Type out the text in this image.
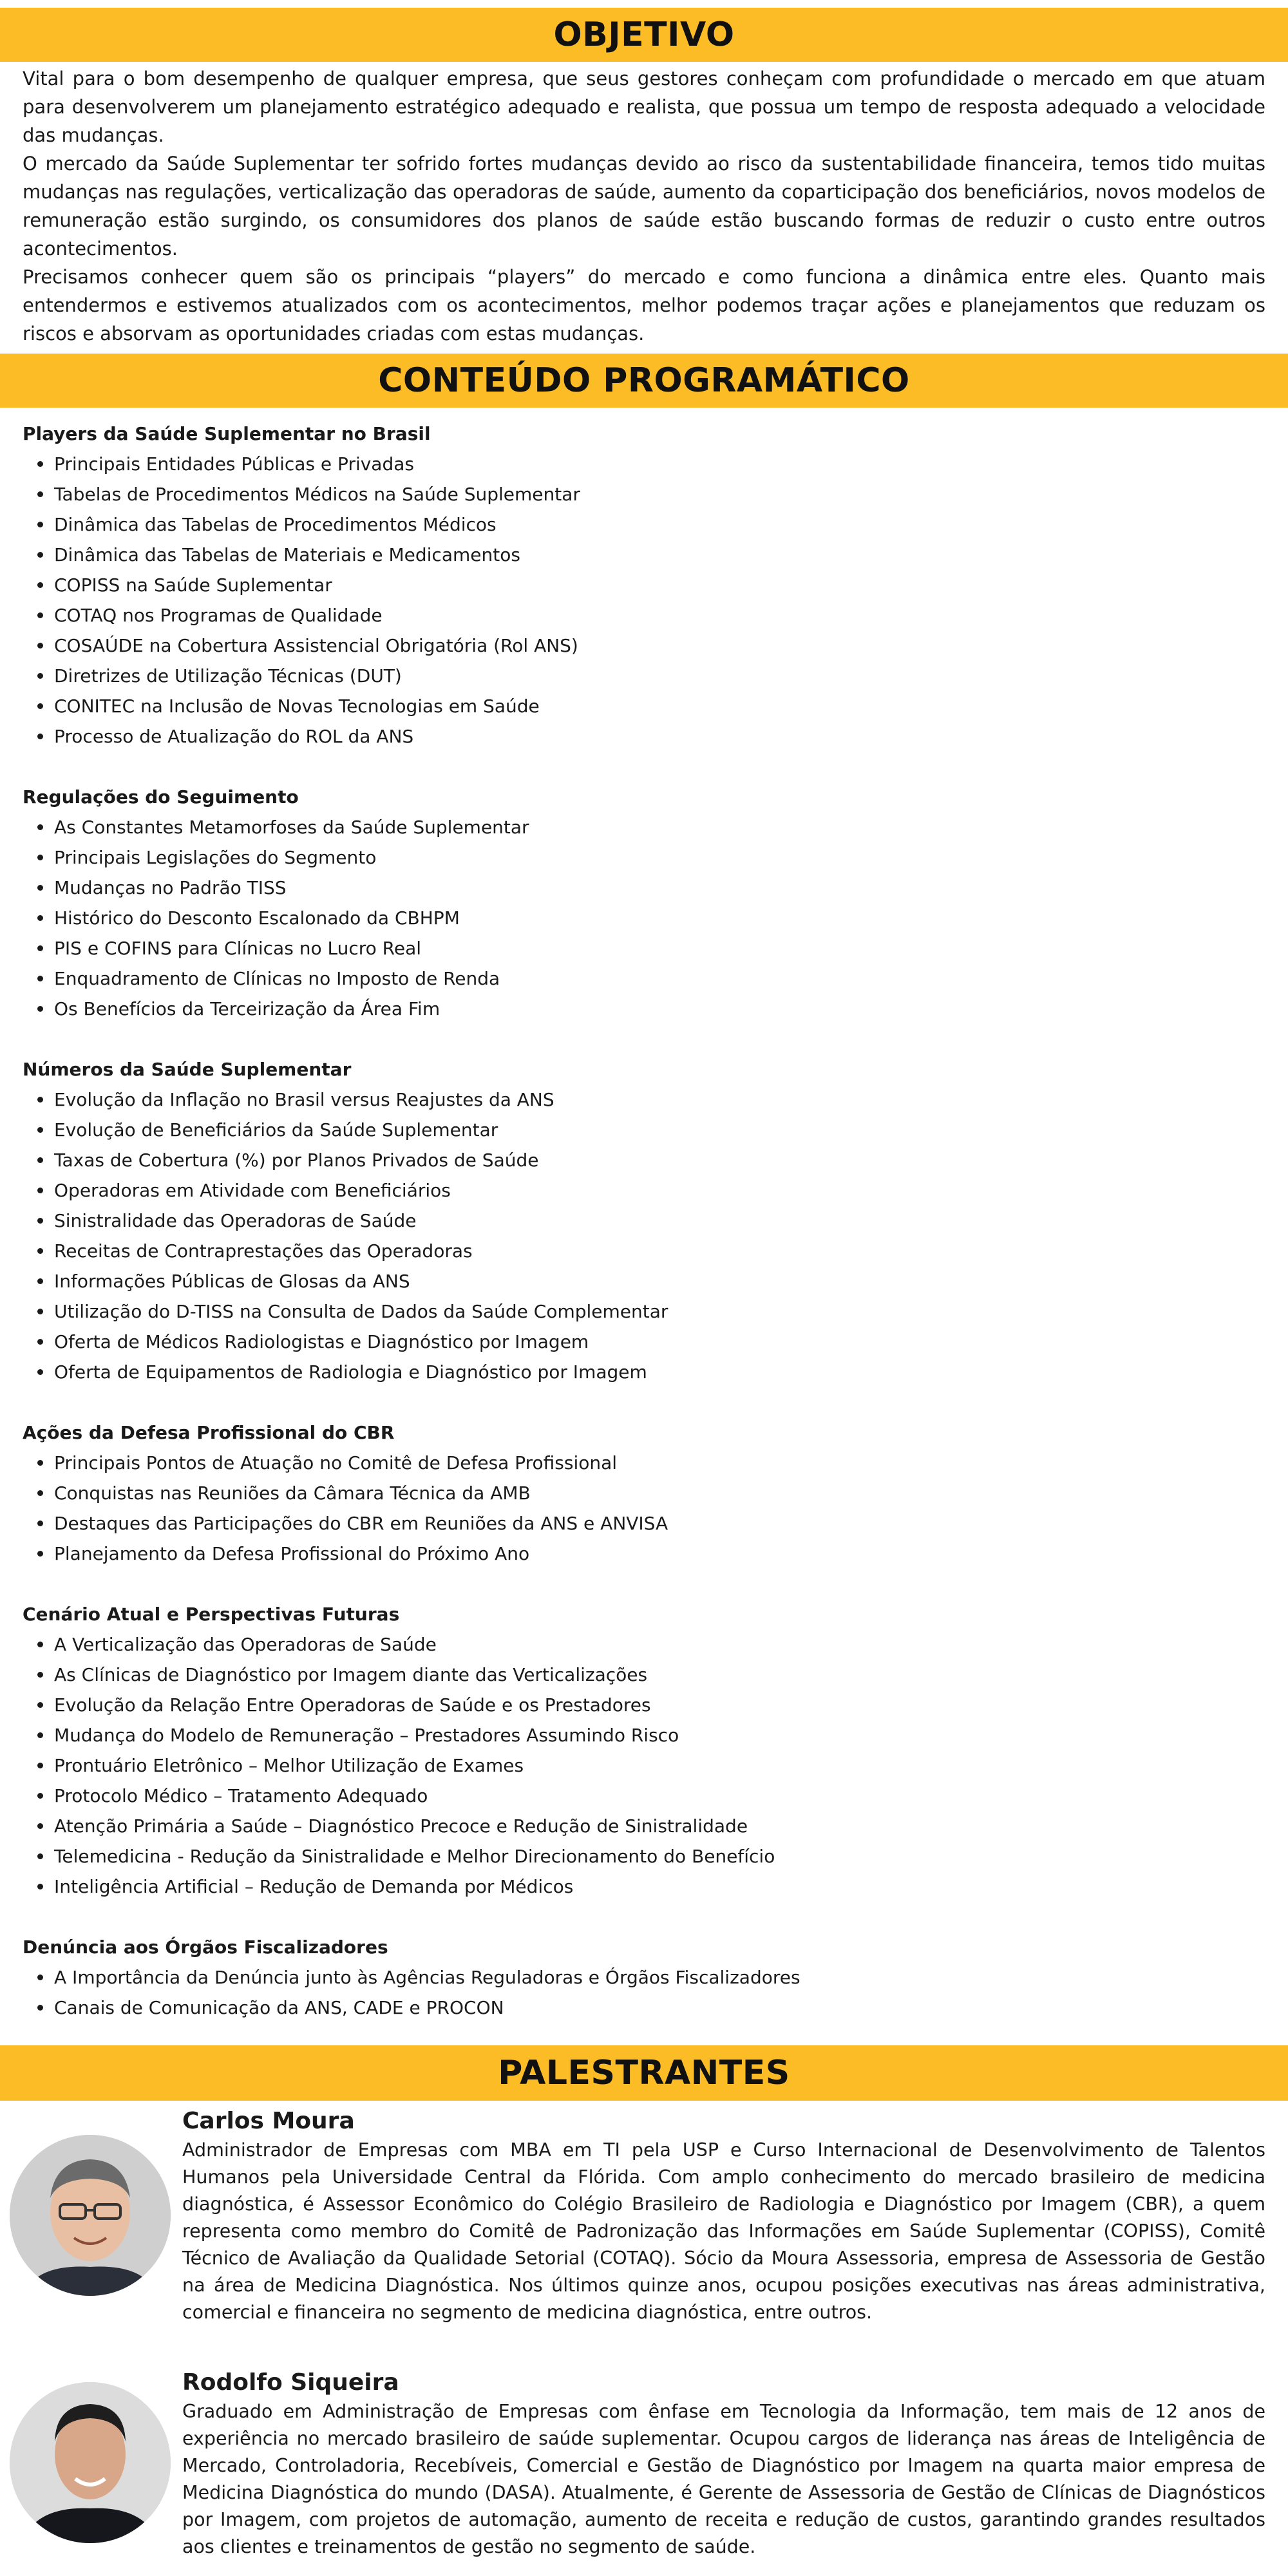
OBJETIVO

Vital para o bom desempenho de qualquer empresa, que seus gestores conheçam com profundidade o mercado em que atuam para desenvolverem um planejamento estratégico adequado e realista, que possua um tempo de resposta adequado a velocidade das mudanças.

O mercado da Saúde Suplementar ter sofrido fortes mudanças devido ao risco da sustentabilidade financeira, temos tido muitas mudanças nas regulações, verticalização das operadoras de saúde, aumento da coparticipação dos beneficiários, novos modelos de remuneração estão surgindo, os consumidores dos planos de saúde estão buscando formas de reduzir o custo entre outros acontecimentos.

Precisamos conhecer quem são os principais “players” do mercado e como funciona a dinâmica entre eles. Quanto mais entendermos e estivemos atualizados com os acontecimentos, melhor podemos traçar ações e planejamentos que reduzam os riscos e absorvam as oportunidades criadas com estas mudanças.

CONTEÚDO PROGRAMÁTICO

Players da Saúde Suplementar no Brasil

Principais Entidades Públicas e Privadas
Tabelas de Procedimentos Médicos na Saúde Suplementar
Dinâmica das Tabelas de Procedimentos Médicos
Dinâmica das Tabelas de Materiais e Medicamentos
COPISS na Saúde Suplementar
COTAQ nos Programas de Qualidade
COSAÚDE na Cobertura Assistencial Obrigatória (Rol ANS)
Diretrizes de Utilização Técnicas (DUT)
CONITEC na Inclusão de Novas Tecnologias em Saúde
Processo de Atualização do ROL da ANS

Regulações do Seguimento

As Constantes Metamorfoses da Saúde Suplementar
Principais Legislações do Segmento
Mudanças no Padrão TISS
Histórico do Desconto Escalonado da CBHPM
PIS e COFINS para Clínicas no Lucro Real
Enquadramento de Clínicas no Imposto de Renda
Os Benefícios da Terceirização da Área Fim

Números da Saúde Suplementar

Evolução da Inflação no Brasil versus Reajustes da ANS
Evolução de Beneficiários da Saúde Suplementar
Taxas de Cobertura (%) por Planos Privados de Saúde
Operadoras em Atividade com Beneficiários
Sinistralidade das Operadoras de Saúde
Receitas de Contraprestações das Operadoras
Informações Públicas de Glosas da ANS
Utilização do D-TISS na Consulta de Dados da Saúde Complementar
Oferta de Médicos Radiologistas e Diagnóstico por Imagem
Oferta de Equipamentos de Radiologia e Diagnóstico por Imagem

Ações da Defesa Profissional do CBR

Principais Pontos de Atuação no Comitê de Defesa Profissional
Conquistas nas Reuniões da Câmara Técnica da AMB
Destaques das Participações do CBR em Reuniões da ANS e ANVISA
Planejamento da Defesa Profissional do Próximo Ano

Cenário Atual e Perspectivas Futuras

A Verticalização das Operadoras de Saúde
As Clínicas de Diagnóstico por Imagem diante das Verticalizações
Evolução da Relação Entre Operadoras de Saúde e os Prestadores
Mudança do Modelo de Remuneração – Prestadores Assumindo Risco
Prontuário Eletrônico – Melhor Utilização de Exames
Protocolo Médico – Tratamento Adequado
Atenção Primária a Saúde – Diagnóstico Precoce e Redução de Sinistralidade
Telemedicina - Redução da Sinistralidade e Melhor Direcionamento do Benefício
Inteligência Artificial – Redução de Demanda por Médicos

Denúncia aos Órgãos Fiscalizadores

A Importância da Denúncia junto às Agências Reguladoras e Órgãos Fiscalizadores
Canais de Comunicação da ANS, CADE e PROCON
PALESTRANTES

Carlos Moura

Administrador de Empresas com MBA em TI pela USP e Curso Internacional de Desenvolvimento de Talentos Humanos pela Universidade Central da Flórida. Com amplo conhecimento do mercado brasileiro de medicina diagnóstica, é Assessor Econômico do Colégio Brasileiro de Radiologia e Diagnóstico por Imagem (CBR), a quem representa como membro do Comitê de Padronização das Informações em Saúde Suplementar (COPISS), Comitê Técnico de Avaliação da Qualidade Setorial (COTAQ). Sócio da Moura Assessoria, empresa de Assessoria de Gestão na área de Medicina Diagnóstica. Nos últimos quinze anos, ocupou posições executivas nas áreas administrativa, comercial e financeira no segmento de medicina diagnóstica, entre outros.

Rodolfo Siqueira

Graduado em Administração de Empresas com ênfase em Tecnologia da Informação, tem mais de 12 anos de experiência no mercado brasileiro de saúde suplementar. Ocupou cargos de liderança nas áreas de Inteligência de Mercado, Controladoria, Recebíveis, Comercial e Gestão de Diagnóstico por Imagem na quarta maior empresa de Medicina Diagnóstica do mundo (DASA). Atualmente, é Gerente de Assessoria de Gestão de Clínicas de Diagnósticos por Imagem, com projetos de automação, aumento de receita e redução de custos, garantindo grandes resultados aos clientes e treinamentos de gestão no segmento de saúde.
